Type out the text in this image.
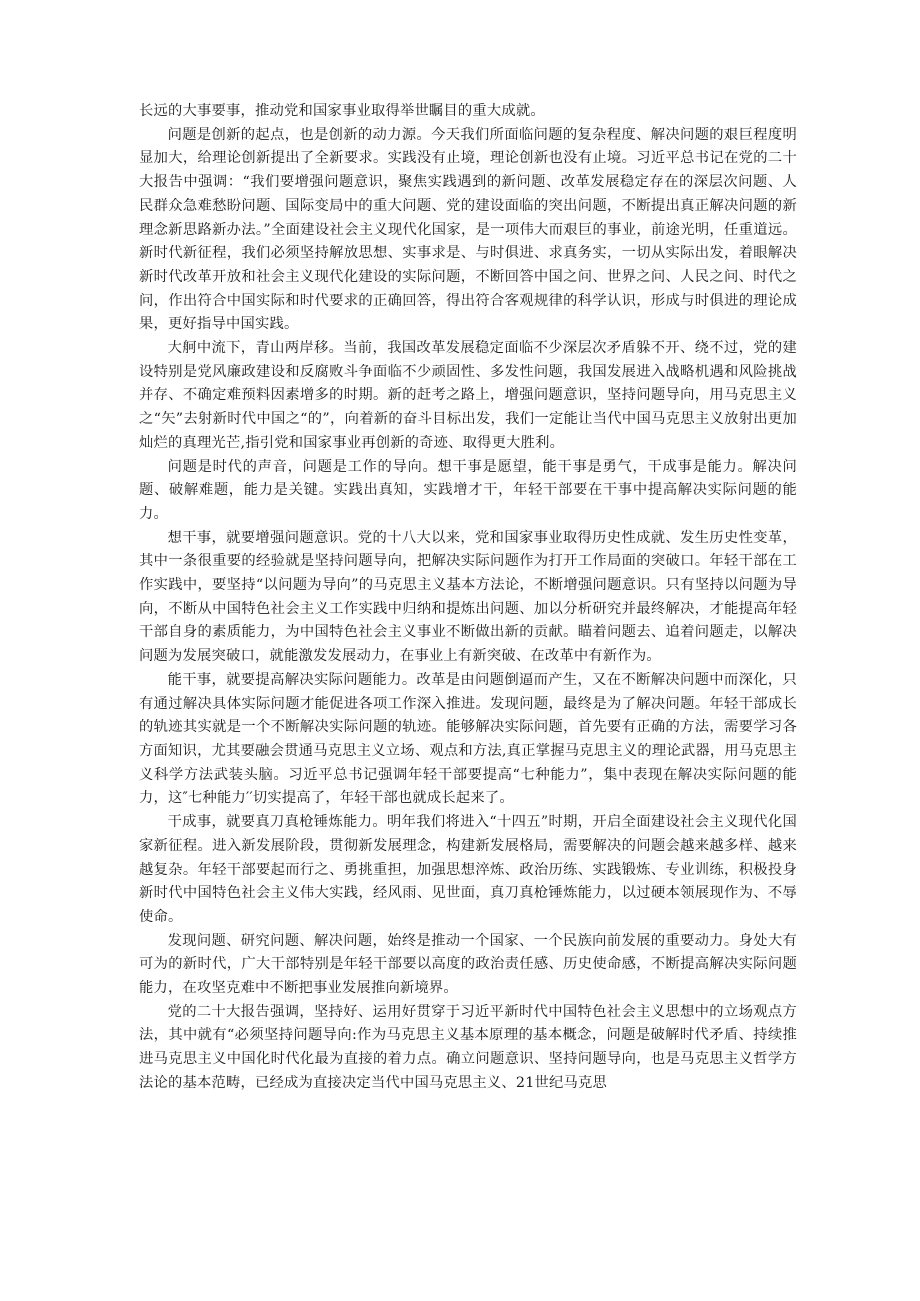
长远的大事要事，推动党和国家事业取得举世瞩目的重大成就。

问题是创新的起点，也是创新的动力源。今天我们所面临问题的复杂程度、解决问题的艰巨程度明显加大，给理论创新提出了全新要求。实践没有止境，理论创新也没有止境。习近平总书记在党的二十大报告中强调：“我们要增强问题意识，聚焦实践遇到的新问题、改革发展稳定存在的深层次问题、人民群众急难愁盼问题、国际变局中的重大问题、党的建设面临的突出问题，不断提出真正解决问题的新理念新思路新办法。”全面建设社会主义现代化国家，是一项伟大而艰巨的事业，前途光明，任重道远。新时代新征程，我们必须坚持解放思想、实事求是、与时俱进、求真务实，一切从实际出发，着眼解决新时代改革开放和社会主义现代化建设的实际问题，不断回答中国之问、世界之问、人民之问、时代之问，作出符合中国实际和时代要求的正确回答，得出符合客观规律的科学认识，形成与时俱进的理论成果，更好指导中国实践。

大舸中流下，青山两岸移。当前，我国改革发展稳定面临不少深层次矛盾躲不开、绕不过，党的建设特别是党风廉政建设和反腐败斗争面临不少顽固性、多发性问题，我国发展进入战略机遇和风险挑战并存、不确定难预料因素增多的时期。新的赶考之路上，增强问题意识，坚持问题导向，用马克思主义之“矢”去射新时代中国之“的”，向着新的奋斗目标出发，我们一定能让当代中国马克思主义放射出更加灿烂的真理光芒,指引党和国家事业再创新的奇迹、取得更大胜利。

问题是时代的声音，问题是工作的导向。想干事是愿望，能干事是勇气，干成事是能力。解决问题、破解难题，能力是关键。实践出真知，实践增才干，年轻干部要在干事中提高解决实际问题的能力。

想干事，就要增强问题意识。党的十八大以来，党和国家事业取得历史性成就、发生历史性变革，其中一条很重要的经验就是坚持问题导向，把解决实际问题作为打开工作局面的突破口。年轻干部在工作实践中，要坚持“以问题为导向”的马克思主义基本方法论，不断增强问题意识。只有坚持以问题为导向，不断从中国特色社会主义工作实践中归纳和提炼出问题、加以分析研究并最终解决，才能提高年轻干部自身的素质能力，为中国特色社会主义事业不断做出新的贡献。瞄着问题去、追着问题走，以解决问题为发展突破口，就能激发发展动力，在事业上有新突破、在改革中有新作为。

能干事，就要提高解决实际问题能力。改革是由问题倒逼而产生，又在不断解决问题中而深化，只有通过解决具体实际问题才能促进各项工作深入推进。发现问题，最终是为了解决问题。年轻干部成长的轨迹其实就是一个不断解决实际问题的轨迹。能够解决实际问题，首先要有正确的方法，需要学习各方面知识，尤其要融会贯通马克思主义立场、观点和方法,真正掌握马克思主义的理论武器，用马克思主义科学方法武装头脑。习近平总书记强调年轻干部要提高“七种能力”，集中表现在解决实际问题的能力，这″七种能力′′切实提高了，年轻干部也就成长起来了。

干成事，就要真刀真枪锤炼能力。明年我们将进入“十四五”时期，开启全面建设社会主义现代化国家新征程。进入新发展阶段，贯彻新发展理念，构建新发展格局，需要解决的问题会越来越多样、越来越复杂。年轻干部要起而行之、勇挑重担，加强思想淬炼、政治历练、实践锻炼、专业训练，积极投身新时代中国特色社会主义伟大实践，经风雨、见世面，真刀真枪锤炼能力，以过硬本领展现作为、不辱使命。

发现问题、研究问题、解决问题，始终是推动一个国家、一个民族向前发展的重要动力。身处大有可为的新时代，广大干部特别是年轻干部要以高度的政治责任感、历史使命感，不断提高解决实际问题能力，在攻坚克难中不断把事业发展推向新境界。

党的二十大报告强调，坚持好、运用好贯穿于习近平新时代中国特色社会主义思想中的立场观点方法，其中就有“必须坚持问题导向:作为马克思主义基本原理的基本概念，问题是破解时代矛盾、持续推进马克思主义中国化时代化最为直接的着力点。确立问题意识、坚持问题导向，也是马克思主义哲学方法论的基本范畴，已经成为直接决定当代中国马克思主义、21世纪马克思
